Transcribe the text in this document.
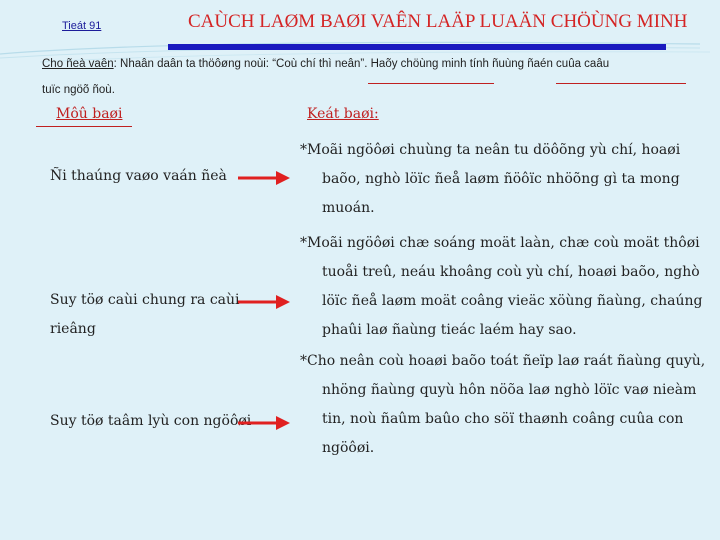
Tieát 91	CAÙCH LAØM BAØI VAÊN LAÄP LUAÄN CHÖÙNG MINH
Cho ñeà vaên: Nhaân daân ta thöôøng noùi: “Coù chí thì neân”. Haõy chöùng minh tính ñuùng ñaén cuûa caâu
tuïc ngöõ ñoù.
Môû baøi	Keát baøi:
Ñi thaúng vaøo vaán ñeà
Suy töø caùi chung ra caùi
rieâng
Suy töø taâm lyù con ngöôøi
*Moãi ngöôøi chuùng ta neân tu döôõng yù chí, hoaøi
baõo, nghò löïc ñeå laøm ñöôïc nhöõng gì ta mong
muoán.
*Moãi ngöôøi chæ soáng moät laàn, chæ coù moät thôøi
tuoåi treû, neáu khoâng coù yù chí, hoaøi baõo, nghò
löïc ñeå laøm moät coâng vieäc xöùng ñaùng, chaúng
phaûi laø ñaùng tieác laém hay sao.
*Cho neân coù hoaøi baõo toát ñeïp laø raát ñaùng quyù,
nhöng ñaùng quyù hôn nöõa laø nghò löïc vaø nieàm
tin, noù ñaûm baûo cho söï thaønh coâng cuûa con
ngöôøi.
